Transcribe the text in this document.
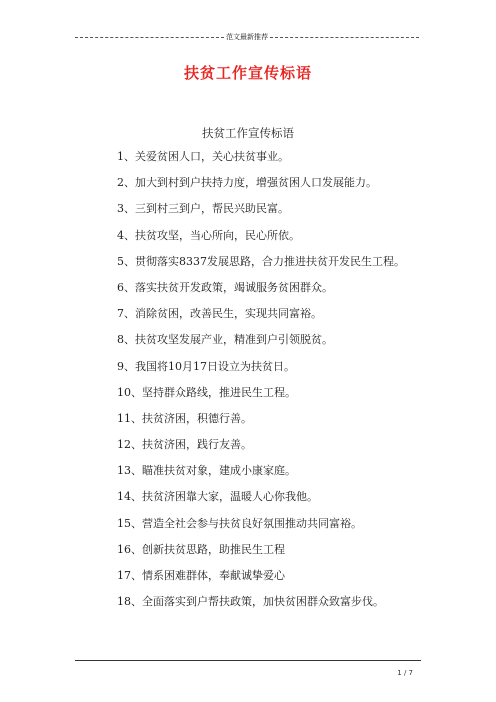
范文最新推荐
扶贫工作宣传标语
扶贫工作宣传标语
1、关爱贫困人口，关心扶贫事业。
2、加大到村到户扶持力度，增强贫困人口发展能力。
3、三到村三到户，帮民兴助民富。
4、扶贫攻坚，当心所向，民心所依。
5、贯彻落实8337发展思路，合力推进扶贫开发民生工程。
6、落实扶贫开发政策，竭诚服务贫困群众。
7、消除贫困，改善民生，实现共同富裕。
8、扶贫攻坚发展产业，精准到户引领脱贫。
9、我国将10月17日设立为扶贫日。
10、坚持群众路线，推进民生工程。
11、扶贫济困，积德行善。
12、扶贫济困，践行友善。
13、瞄准扶贫对象，建成小康家庭。
14、扶贫济困靠大家，温暖人心你我他。
15、营造全社会参与扶贫良好氛围推动共同富裕。
16、创新扶贫思路，助推民生工程
17、情系困难群体，奉献诚挚爱心
18、全面落实到户帮扶政策，加快贫困群众致富步伐。
1 / 7
